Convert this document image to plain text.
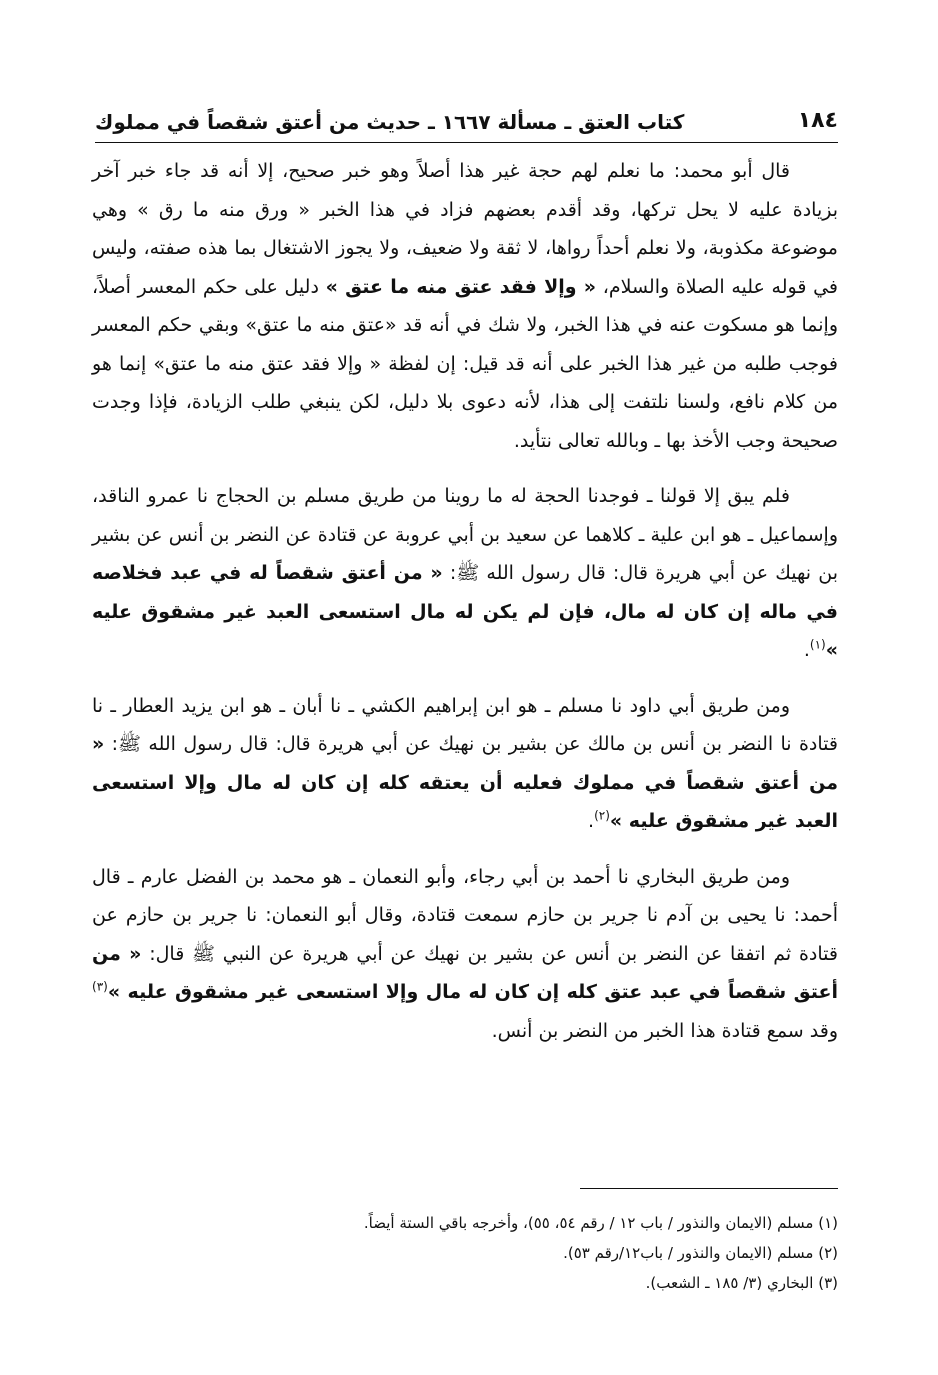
١٨٤
كتاب العتق ـ مسألة ١٦٦٧ ـ حديث من أعتق شقصاً في مملوك

قال أبو محمد: ما نعلم لهم حجة غير هذا أصلاً وهو خبر صحيح، إلا أنه قد جاء خبر آخر بزيادة عليه لا يحل تركها، وقد أقدم بعضهم فزاد في هذا الخبر « ورق منه ما رق » وهي موضوعة مكذوبة، ولا نعلم أحداً رواها، لا ثقة ولا ضعيف، ولا يجوز الاشتغال بما هذه صفته، وليس في قوله عليه الصلاة والسلام، « وإلا فقد عتق منه ما عتق » دليل على حكم المعسر أصلاً، وإنما هو مسكوت عنه في هذا الخبر، ولا شك في أنه قد «عتق منه ما عتق» وبقي حكم المعسر فوجب طلبه من غير هذا الخبر على أنه قد قيل: إن لفظة « وإلا فقد عتق منه ما عتق» إنما هو من كلام نافع، ولسنا نلتفت إلى هذا، لأنه دعوى بلا دليل، لكن ينبغي طلب الزيادة، فإذا وجدت صحيحة وجب الأخذ بها ـ وبالله تعالى نتأيد.

فلم يبق إلا قولنا ـ فوجدنا الحجة له ما روينا من طريق مسلم بن الحجاج نا عمرو الناقد، وإسماعيل ـ هو ابن علية ـ كلاهما عن سعيد بن أبي عروبة عن قتادة عن النضر بن أنس عن بشير بن نهيك عن أبي هريرة قال: قال رسول الله ﷺ: « من أعتق شقصاً له في عبد فخلاصه في ماله إن كان له مال، فإن لم يكن له مال استسعى العبد غير مشقوق عليه »$^{(١)}$.

ومن طريق أبي داود نا مسلم ـ هو ابن إبراهيم الكشي ـ نا أبان ـ هو ابن يزيد العطار ـ نا قتادة نا النضر بن أنس بن مالك عن بشير بن نهيك عن أبي هريرة قال: قال رسول الله ﷺ: « من أعتق شقصاً في مملوك فعليه أن يعتقه كله إن كان له مال وإلا استسعى العبد غير مشقوق عليه »$^{(٢)}$.

ومن طريق البخاري نا أحمد بن أبي رجاء، وأبو النعمان ـ هو محمد بن الفضل عارم ـ قال أحمد: نا يحيى بن آدم نا جرير بن حازم سمعت قتادة، وقال أبو النعمان: نا جرير بن حازم عن قتادة ثم اتفقا عن النضر بن أنس عن بشير بن نهيك عن أبي هريرة عن النبي ﷺ قال: « من أعتق شقصاً في عبد عتق كله إن كان له مال وإلا استسعى غير مشقوق عليه »$^{(٣)}$ وقد سمع قتادة هذا الخبر من النضر بن أنس.

(١) مسلم (الايمان والنذور / باب ١٢ / رقم ٥٤، ٥٥)، وأخرجه باقي الستة أيضاً.

(٢) مسلم (الايمان والنذور / باب١٢/رقم ٥٣).

(٣) البخاري (٣/ ١٨٥ ـ الشعب).
